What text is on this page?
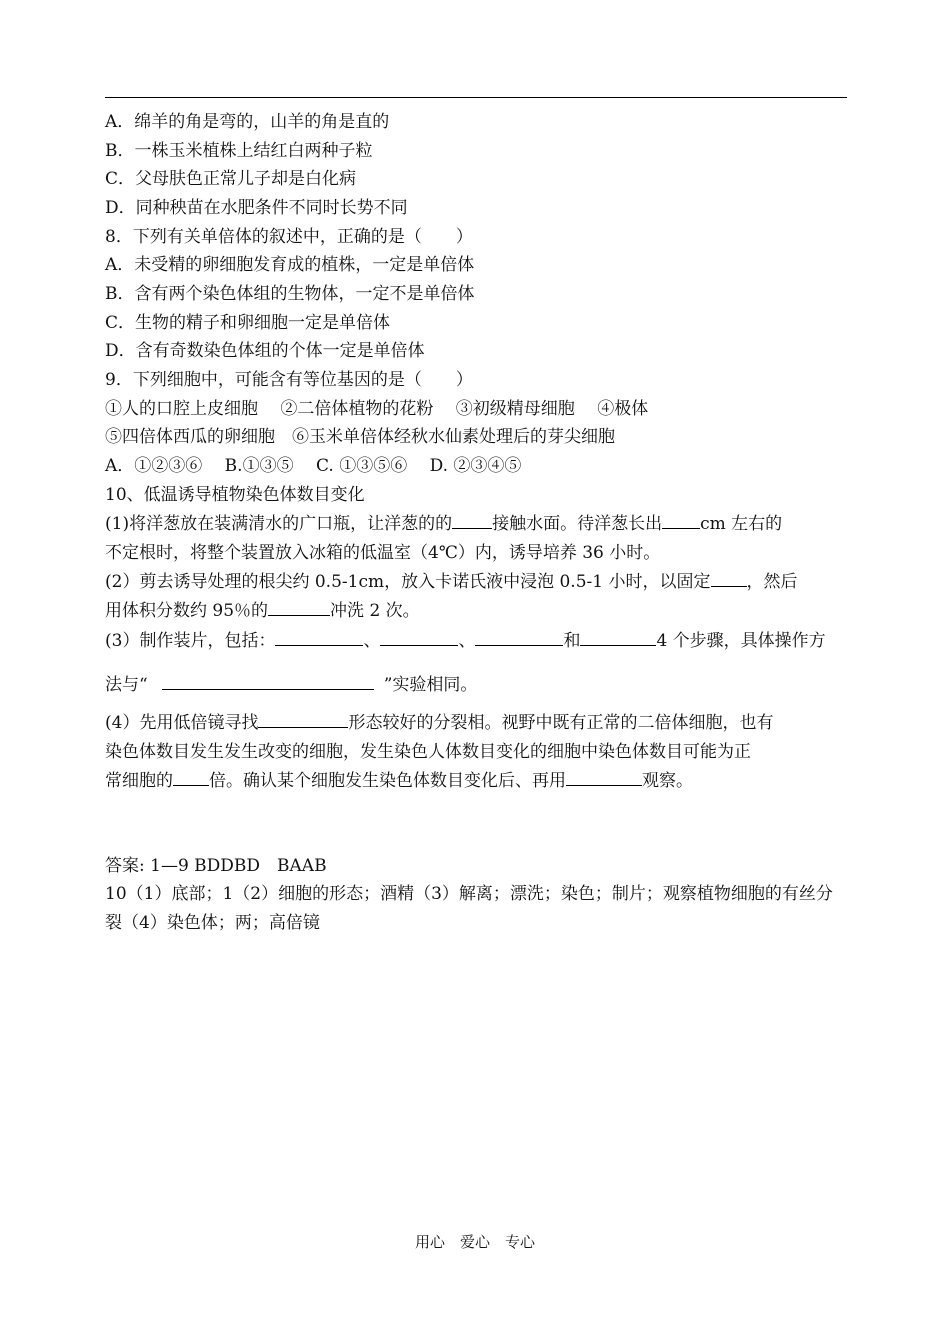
A．绵羊的角是弯的，山羊的角是直的
B．一株玉米植株上结红白两种子粒
C．父母肤色正常儿子却是白化病
D．同种秧苗在水肥条件不同时长势不同
8．下列有关单倍体的叙述中，正确的是（　　）
A．未受精的卵细胞发育成的植株，一定是单倍体
B．含有两个染色体组的生物体，一定不是单倍体
C．生物的精子和卵细胞一定是单倍体
D．含有奇数染色体组的个体一定是单倍体
9．下列细胞中，可能含有等位基因的是（　　）
①人的口腔上皮细胞　 ②二倍体植物的花粉　 ③初级精母细胞　 ④极体
⑤四倍体西瓜的卵细胞　⑥玉米单倍体经秋水仙素处理后的芽尖细胞
A．①②③⑥　 B.①③⑤　 C. ①③⑤⑥　 D. ②③④⑤
10、低温诱导植物染色体数目变化
(1)将洋葱放在装满清水的广口瓶，让洋葱的的 接触水面。待洋葱长出 cm 左右的
不定根时，将整个装置放入冰箱的低温室（4℃）内，诱导培养 36 小时。
(2）剪去诱导处理的根尖约 0.5-1cm，放入卡诺氏液中浸泡 0.5-1 小时，以固定 ，然后
用体积分数约 95％的	冲洗 2 次。
(3）制作装片，包括：	、	、	和	4 个步骤，具体操作方
法与“	”实验相同。
(4）先用低倍镜寻找	形态较好的分裂相。视野中既有正常的二倍体细胞，也有
染色体数目发生发生改变的细胞，发生染色人体数目变化的细胞中染色体数目可能为正
常细胞的 倍。确认某个细胞发生染色体数目变化后、再用	观察。
答案: 1—9 BDDBD　BAAB
10（1）底部；1（2）细胞的形态；酒精（3）解离；漂洗；染色；制片；观察植物细胞的有丝分
裂（4）染色体；两；高倍镜
用心　爱心　专心
